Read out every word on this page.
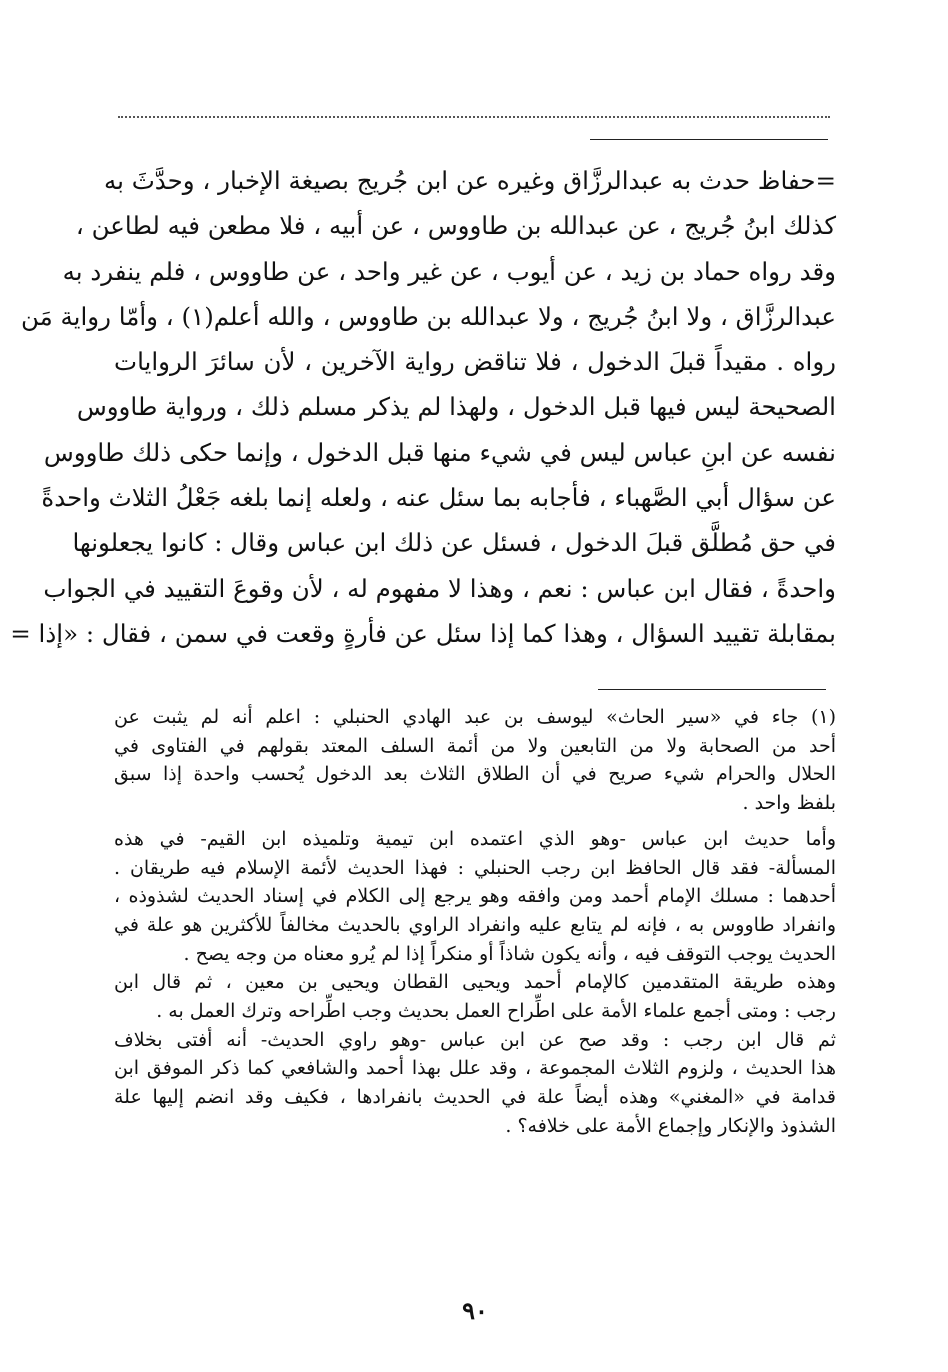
=حفاظ حدث به عبدالرزَّاق وغيره عن ابن جُريج بصيغة الإخبار ، وحدَّثَ به
كذلك ابنُ جُريج ، عن عبدالله بن طاووس ، عن أبيه ، فلا مطعن فيه لطاعن ،
وقد رواه حماد بن زيد ، عن أيوب ، عن غير واحد ، عن طاووس ، فلم ينفرد به
عبدالرزَّاق ، ولا ابنُ جُريج ، ولا عبدالله بن طاووس ، والله أعلم(١) ، وأمّا رواية مَن
رواه . مقيداً قبلَ الدخول ، فلا تناقض رواية الآخرين ، لأن سائرَ الروايات
الصحيحة ليس فيها قبل الدخول ، ولهذا لم يذكر مسلم ذلك ، ورواية طاووس
نفسه عن ابنِ عباس ليس في شيء منها قبل الدخول ، وإنما حكى ذلك طاووس
عن سؤال أبي الصَّهباء ، فأجابه بما سئل عنه ، ولعله إنما بلغه جَعْلُ الثلاث واحدةً
في حق مُطلَّق قبلَ الدخول ، فسئل عن ذلك ابن عباس وقال : كانوا يجعلونها
واحدةً ، فقال ابن عباس : نعم ، وهذا لا مفهوم له ، لأن وقوعَ التقييد في الجواب
بمقابلة تقييد السؤال ، وهذا كما إذا سئل عن فأرةٍ وقعت في سمن ، فقال : «إذا =
(١) جاء في «سير الحاث» ليوسف بن عبد الهادي الحنبلي : اعلم أنه لم يثبت عن
أحد من الصحابة ولا من التابعين ولا من أئمة السلف المعتد بقولهم في الفتاوى في
الحلال والحرام شيء صريح في أن الطلاق الثلاث بعد الدخول يُحسب واحدة إذا سبق
بلفظ واحد .
وأما حديث ابن عباس -وهو الذي اعتمده ابن تيمية وتلميذه ابن القيم- في هذه
المسألة- فقد قال الحافظ ابن رجب الحنبلي : فهذا الحديث لأئمة الإسلام فيه طريقان .
أحدهما : مسلك الإمام أحمد ومن وافقه وهو يرجع إلى الكلام في إسناد الحديث لشذوذه ،
وانفراد طاووس به ، فإنه لم يتابع عليه وانفراد الراوي بالحديث مخالفاً للأكثرين هو علة في
الحديث يوجب التوقف فيه ، وأنه يكون شاذاً أو منكراً إذا لم يُرو معناه من وجه يصح .
وهذه طريقة المتقدمين كالإمام أحمد ويحيى القطان ويحيى بن معين ، ثم قال ابن
رجب : ومتى أجمع علماء الأمة على اطِّراح العمل بحديث وجب اطِّراحه وترك العمل به .
ثم قال ابن رجب : وقد صح عن ابن عباس -وهو راوي الحديث- أنه أفتى بخلاف
هذا الحديث ، ولزوم الثلاث المجموعة ، وقد علل بهذا أحمد والشافعي كما ذكر الموفق ابن
قدامة في «المغني» وهذه أيضاً علة في الحديث بانفرادها ، فكيف وقد انضم إليها علة
الشذوذ والإنكار وإجماع الأمة على خلافه؟ .
٩٠
